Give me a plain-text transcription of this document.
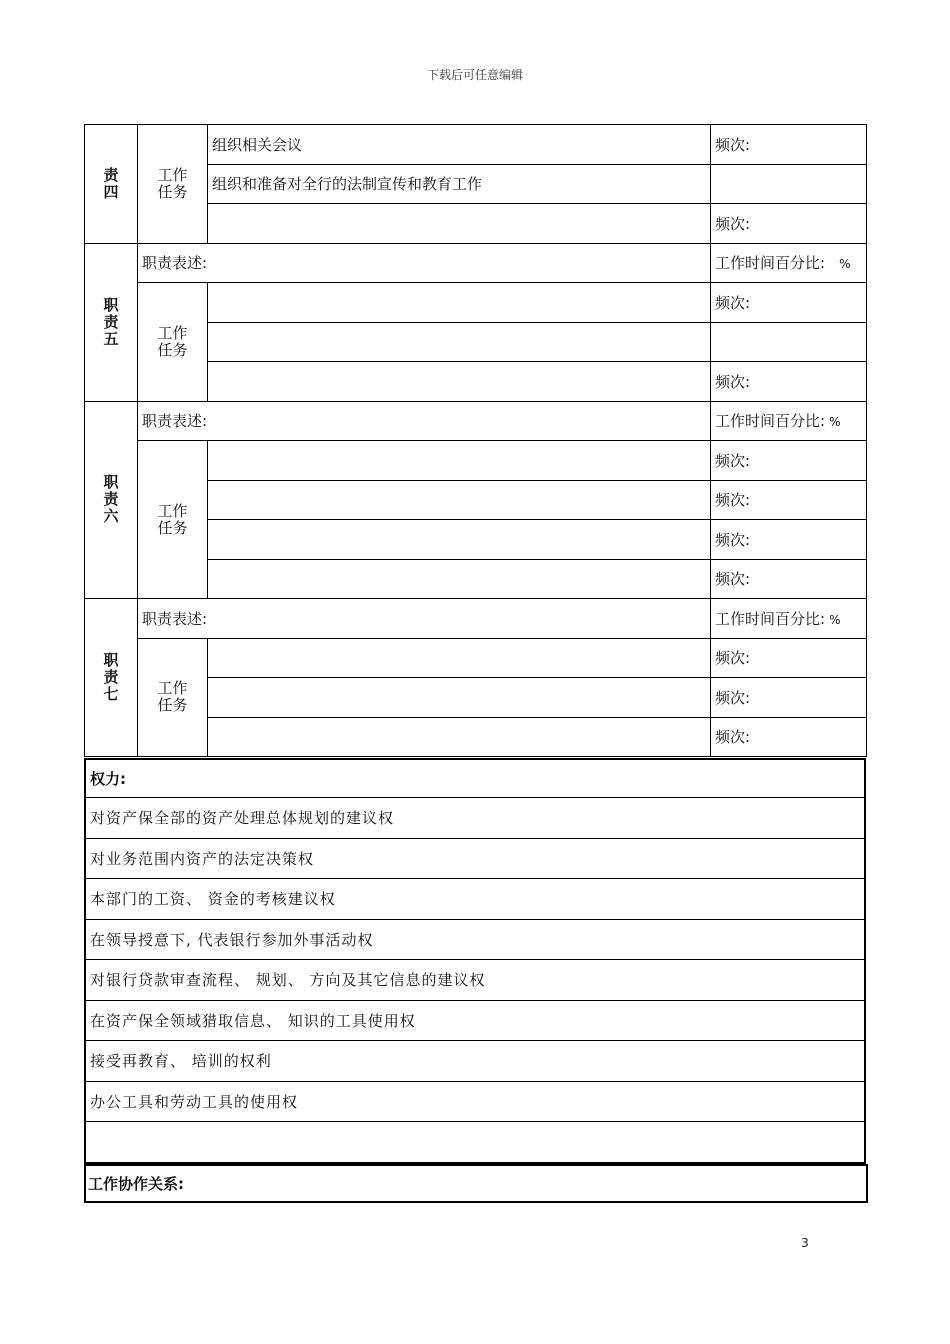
下载后可任意编辑
责四	工作任务	组织相关会议	频次:
		组织和准备对全行的法制宣传和教育工作	
			频次:
职责五	职责表述:		工作时间百分比: %
	工作任务		频次:

			频次:
职责六	职责表述:		工作时间百分比: %
	工作任务		频次:
			频次:
			频次:
			频次:
职责七	职责表述:		工作时间百分比: %
	工作任务		频次:
			频次:
			频次:
权力:
对资产保全部的资产处理总体规划的建议权
对业务范围内资产的法定决策权
本部门的工资、 资金的考核建议权
在领导授意下, 代表银行参加外事活动权
对银行贷款审查流程、 规划、 方向及其它信息的建议权
在资产保全领域猎取信息、 知识的工具使用权
接受再教育、 培训的权利
办公工具和劳动工具的使用权

工作协作关系:
3
